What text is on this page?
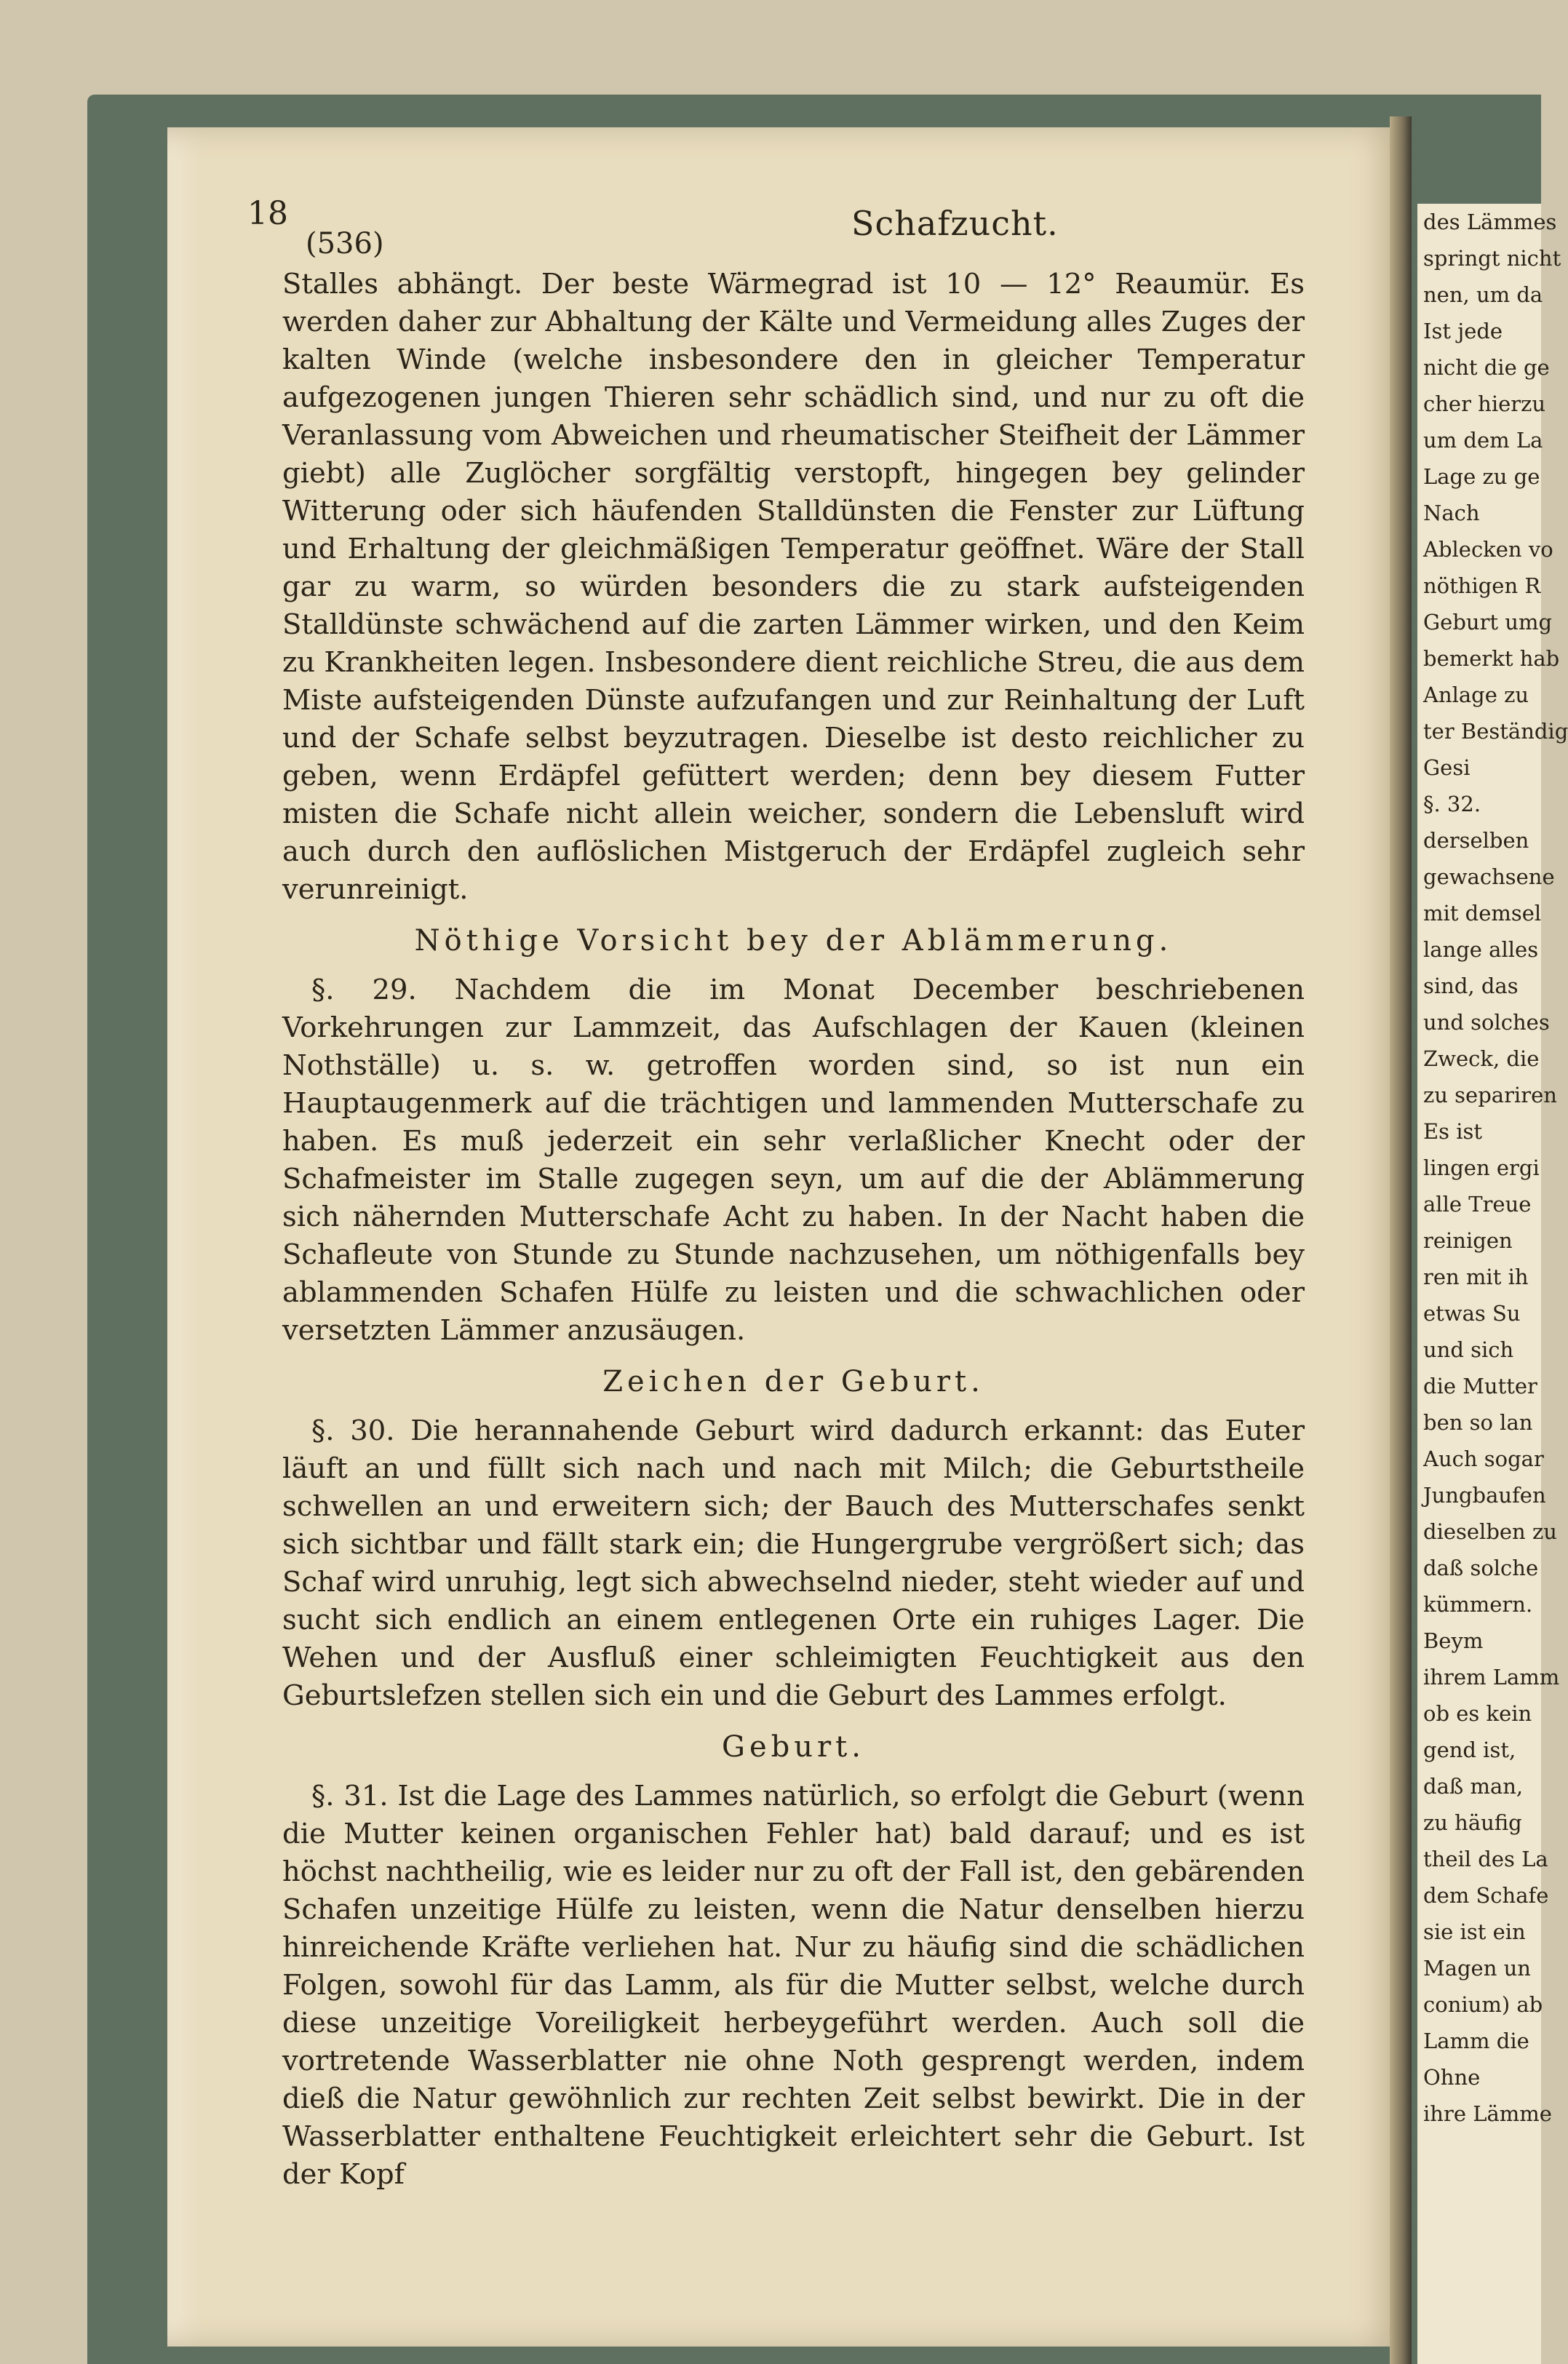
18	Schafzucht.
(536)

Stalles abhängt. Der beste Wärmegrad ist 10 — 12° Reaumür. Es werden daher zur Abhaltung der Kälte und Vermeidung alles Zuges der kalten Winde (welche insbesondere den in gleicher Temperatur aufgezogenen jungen Thieren sehr schädlich sind, und nur zu oft die Veranlassung vom Abweichen und rheumatischer Steifheit der Lämmer giebt) alle Zuglöcher sorgfältig verstopft, hingegen bey gelinder Witterung oder sich häufenden Stalldünsten die Fenster zur Lüftung und Erhaltung der gleichmäßigen Temperatur geöffnet. Wäre der Stall gar zu warm, so würden besonders die zu stark aufsteigenden Stalldünste schwächend auf die zarten Lämmer wirken, und den Keim zu Krankheiten legen. Insbesondere dient reichliche Streu, die aus dem Miste aufsteigenden Dünste aufzufangen und zur Reinhaltung der Luft und der Schafe selbst beyzutragen. Dieselbe ist desto reichlicher zu geben, wenn Erdäpfel gefüttert werden; denn bey diesem Futter misten die Schafe nicht allein weicher, sondern die Lebensluft wird auch durch den auflöslichen Mistgeruch der Erdäpfel zugleich sehr verunreinigt.

Nöthige Vorsicht bey der Ablämmerung.

§. 29. Nachdem die im Monat December beschriebenen Vorkehrungen zur Lammzeit, das Aufschlagen der Kauen (kleinen Nothställe) u. s. w. getroffen worden sind, so ist nun ein Hauptaugenmerk auf die trächtigen und lammenden Mutterschafe zu haben. Es muß jederzeit ein sehr verlaßlicher Knecht oder der Schafmeister im Stalle zugegen seyn, um auf die der Ablämmerung sich nähernden Mutterschafe Acht zu haben. In der Nacht haben die Schafleute von Stunde zu Stunde nachzusehen, um nöthigenfalls bey ablammenden Schafen Hülfe zu leisten und die schwachlichen oder versetzten Lämmer anzusäugen.

Zeichen der Geburt.

§. 30. Die herannahende Geburt wird dadurch erkannt: das Euter läuft an und füllt sich nach und nach mit Milch; die Geburtstheile schwellen an und erweitern sich; der Bauch des Mutterschafes senkt sich sichtbar und fällt stark ein; die Hungergrube vergrößert sich; das Schaf wird unruhig, legt sich abwechselnd nieder, steht wieder auf und sucht sich endlich an einem entlegenen Orte ein ruhiges Lager. Die Wehen und der Ausfluß einer schleimigten Feuchtigkeit aus den Geburtslefzen stellen sich ein und die Geburt des Lammes erfolgt.

Geburt.

§. 31. Ist die Lage des Lammes natürlich, so erfolgt die Geburt (wenn die Mutter keinen organischen Fehler hat) bald darauf; und es ist höchst nachtheilig, wie es leider nur zu oft der Fall ist, den gebärenden Schafen unzeitige Hülfe zu leisten, wenn die Natur denselben hierzu hinreichende Kräfte verliehen hat. Nur zu häufig sind die schädlichen Folgen, sowohl für das Lamm, als für die Mutter selbst, welche durch diese unzeitige Voreiligkeit herbeygeführt werden. Auch soll die vortretende Wasserblatter nie ohne Noth gesprengt werden, indem dieß die Natur gewöhnlich zur rechten Zeit selbst bewirkt. Die in der Wasserblatter enthaltene Feuchtigkeit erleichtert sehr die Geburt. Ist der Kopf

des Lämmes
springt nicht
nen, um da
Ist jede
nicht die ge
cher hierzu
um dem La
Lage zu ge
Nach
Ablecken vo
nöthigen R
Geburt umg
bemerkt hab
Anlage zu
ter Beständig
Gesi
§. 32.
derselben
gewachsene
mit demsel
lange alles
sind, das
und solches
Zweck, die
zu separiren
Es ist
lingen ergi
alle Treue
reinigen
ren mit ih
etwas Su
und sich
die Mutter
ben so lan
Auch sogar
Jungbaufen
dieselben zu
daß solche
kümmern.
Beym
ihrem Lamm
ob es kein
gend ist,
daß man,
zu häufig
theil des La
dem Schafe
sie ist ein
Magen un
conium) ab
Lamm die
Ohne
ihre Lämme
